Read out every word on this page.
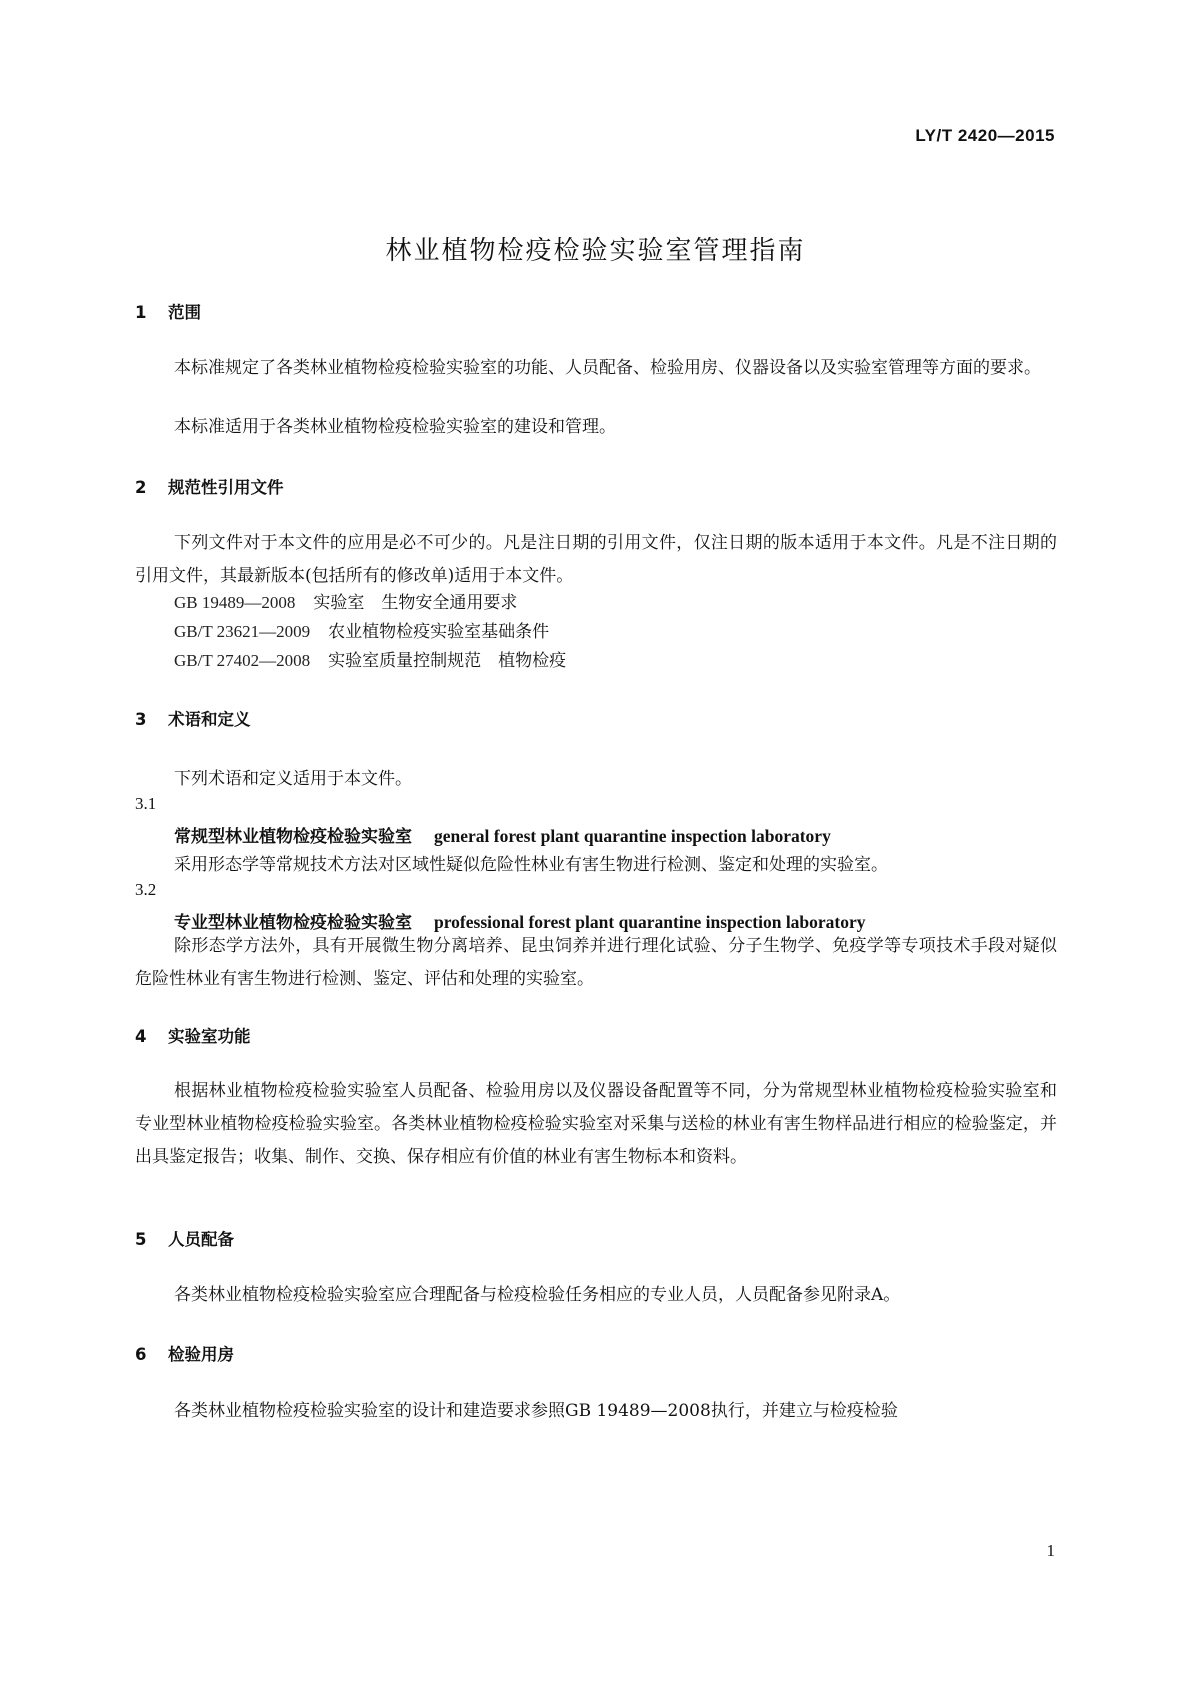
LY/T 2420—2015
林业植物检疫检验实验室管理指南
1 范围
本标准规定了各类林业植物检疫检验实验室的功能、人员配备、检验用房、仪器设备以及实验室管理等方面的要求。
本标准适用于各类林业植物检疫检验实验室的建设和管理。
2 规范性引用文件
下列文件对于本文件的应用是必不可少的。凡是注日期的引用文件，仅注日期的版本适用于本文件。凡是不注日期的引用文件，其最新版本(包括所有的修改单)适用于本文件。
GB 19489—2008 实验室　生物安全通用要求
GB/T 23621—2009 农业植物检疫实验室基础条件
GB/T 27402—2008 实验室质量控制规范　植物检疫
3 术语和定义
下列术语和定义适用于本文件。
3.1
常规型林业植物检疫检验实验室 general forest plant quarantine inspection laboratory
采用形态学等常规技术方法对区域性疑似危险性林业有害生物进行检测、鉴定和处理的实验室。
3.2
专业型林业植物检疫检验实验室 professional forest plant quarantine inspection laboratory
除形态学方法外，具有开展微生物分离培养、昆虫饲养并进行理化试验、分子生物学、免疫学等专项技术手段对疑似危险性林业有害生物进行检测、鉴定、评估和处理的实验室。
4 实验室功能
根据林业植物检疫检验实验室人员配备、检验用房以及仪器设备配置等不同，分为常规型林业植物检疫检验实验室和专业型林业植物检疫检验实验室。各类林业植物检疫检验实验室对采集与送检的林业有害生物样品进行相应的检验鉴定，并出具鉴定报告；收集、制作、交换、保存相应有价值的林业有害生物标本和资料。
5 人员配备
各类林业植物检疫检验实验室应合理配备与检疫检验任务相应的专业人员，人员配备参见附录A。
6 检验用房
各类林业植物检疫检验实验室的设计和建造要求参照GB 19489—2008执行，并建立与检疫检验
1
